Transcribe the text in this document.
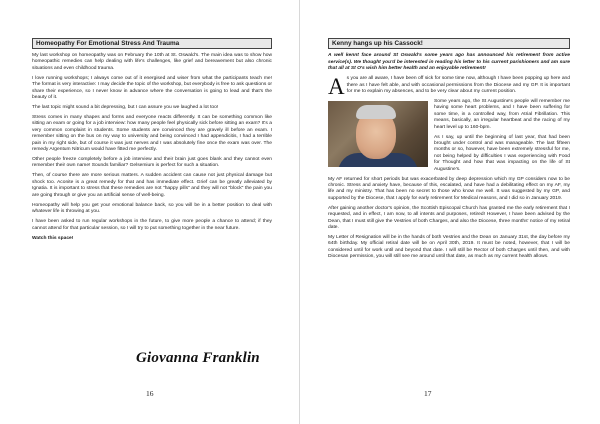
Homeopathy For Emotional Stress And Trauma

My last workshop on homeopathy was on February the 10th at St. Oswald's. The main idea was to show how homeopathic remedies can help dealing with life's challenges, like grief and bereavement but also chronic situations and even childhood trauma.

I love running workshops; I always come out of it energised and wiser from what the participants teach me! The format is very interactive: I may decide the topic of the workshop, but everybody is free to ask questions or share their experience, so I never know in advance where the conversation is going to lead and that's the beauty of it.

The last topic might sound a bit depressing, but I can assure you we laughed a lot too!

Stress comes in many shapes and forms and everyone reacts differently. It can be something common like sitting an exam or going for a job interview: how many people feel physically sick before sitting an exam? It's a very common complaint in students. Some students are convinced they are gravely ill before an exam. I remember sitting on the bus on my way to university and being convinced I had appendicitis, I had a terrible pain in my right side, but of course it was just nerves and I was absolutely fine once the exam was over. The remedy Argentum Nitricum would have fitted me perfectly.

Other people freeze completely before a job interview and their brain just goes blank and they cannot even remember their own name! Sounds familiar? Gelsemium is perfect for such a situation.

Then, of course there are more serious matters. A sudden accident can cause not just physical damage but shock too. Aconite is a great remedy for that and has immediate effect. Grief can be greatly alleviated by Ignatia. It is important to stress that these remedies are not "happy pills" and they will not "block" the pain you are going through or give you an artificial sense of well-being.

Homeopathy will help you get your emotional balance back, so you will be in a better position to deal with whatever life is throwing at you.

I have been asked to run regular workshops in the future, to give more people a chance to attend; if they cannot attend for that particular session, so I will try to put something together in the near future.

Watch this space!

Giovanna Franklin
16
Kenny hangs up his Cassock!

A well kennt face around St Oswald's some years ago has announced his retirement from active service(s). We thought you'd be interested in reading his letter to his current parishioners and am sure that all at St O's wish him better health and an enjoyable retirement!

As you are all aware, I have been off sick for some time now, although I have been popping up here and there as I have felt able, and with occasional permissions from the Diocese and my GP. It is important for me to explain my absences, and to be very clear about my current position.

Some years ago, the St Augustine's people will remember me having some heart problems, and I have been suffering for some time, in a controlled way, from Atrial Fibrillation. This means, basically, an irregular heartbeat and the racing of my heart level up to 160-bpm.

As I say, up until the beginning of last year, that had been brought under control and was manageable. The last fifteen months or so, however, have been extremely stressful for me, not being helped by difficulties I was experiencing with Food for Thought and how that was impacting on the life of St Augustine's.

My AF returned for short periods but was exacerbated by deep depression which my GP considers now to be chronic. Stress and anxiety have, because of this, escalated, and have had a debilitating effect on my AF, my life and my ministry. That has been no secret to those who know me well. It was suggested by my GP, and supported by the Diocese, that I apply for early retirement for Medical reasons, and I did so in January 2019.

After gaining another doctor's opinion, the Scottish Episcopal Church has granted me the early retirement that I requested, and in effect, I am now, to all intents and purposes, retired! However, I have been advised by the Dean, that I must still give the Vestries of both Charges, and also the Diocese, three months' notice of my retiral date.

My Letter of Resignation will be in the hands of both Vestries and the Dean on January 31st, the day before my 64th birthday. My official retiral date will be on April 30th, 2019. It must be noted, however, that I will be considered until for work until and beyond that date. I will still be Rector of both Charges until then, and with Diocesan permission, you will still see me around until that date, as much as my current health allows.

17
